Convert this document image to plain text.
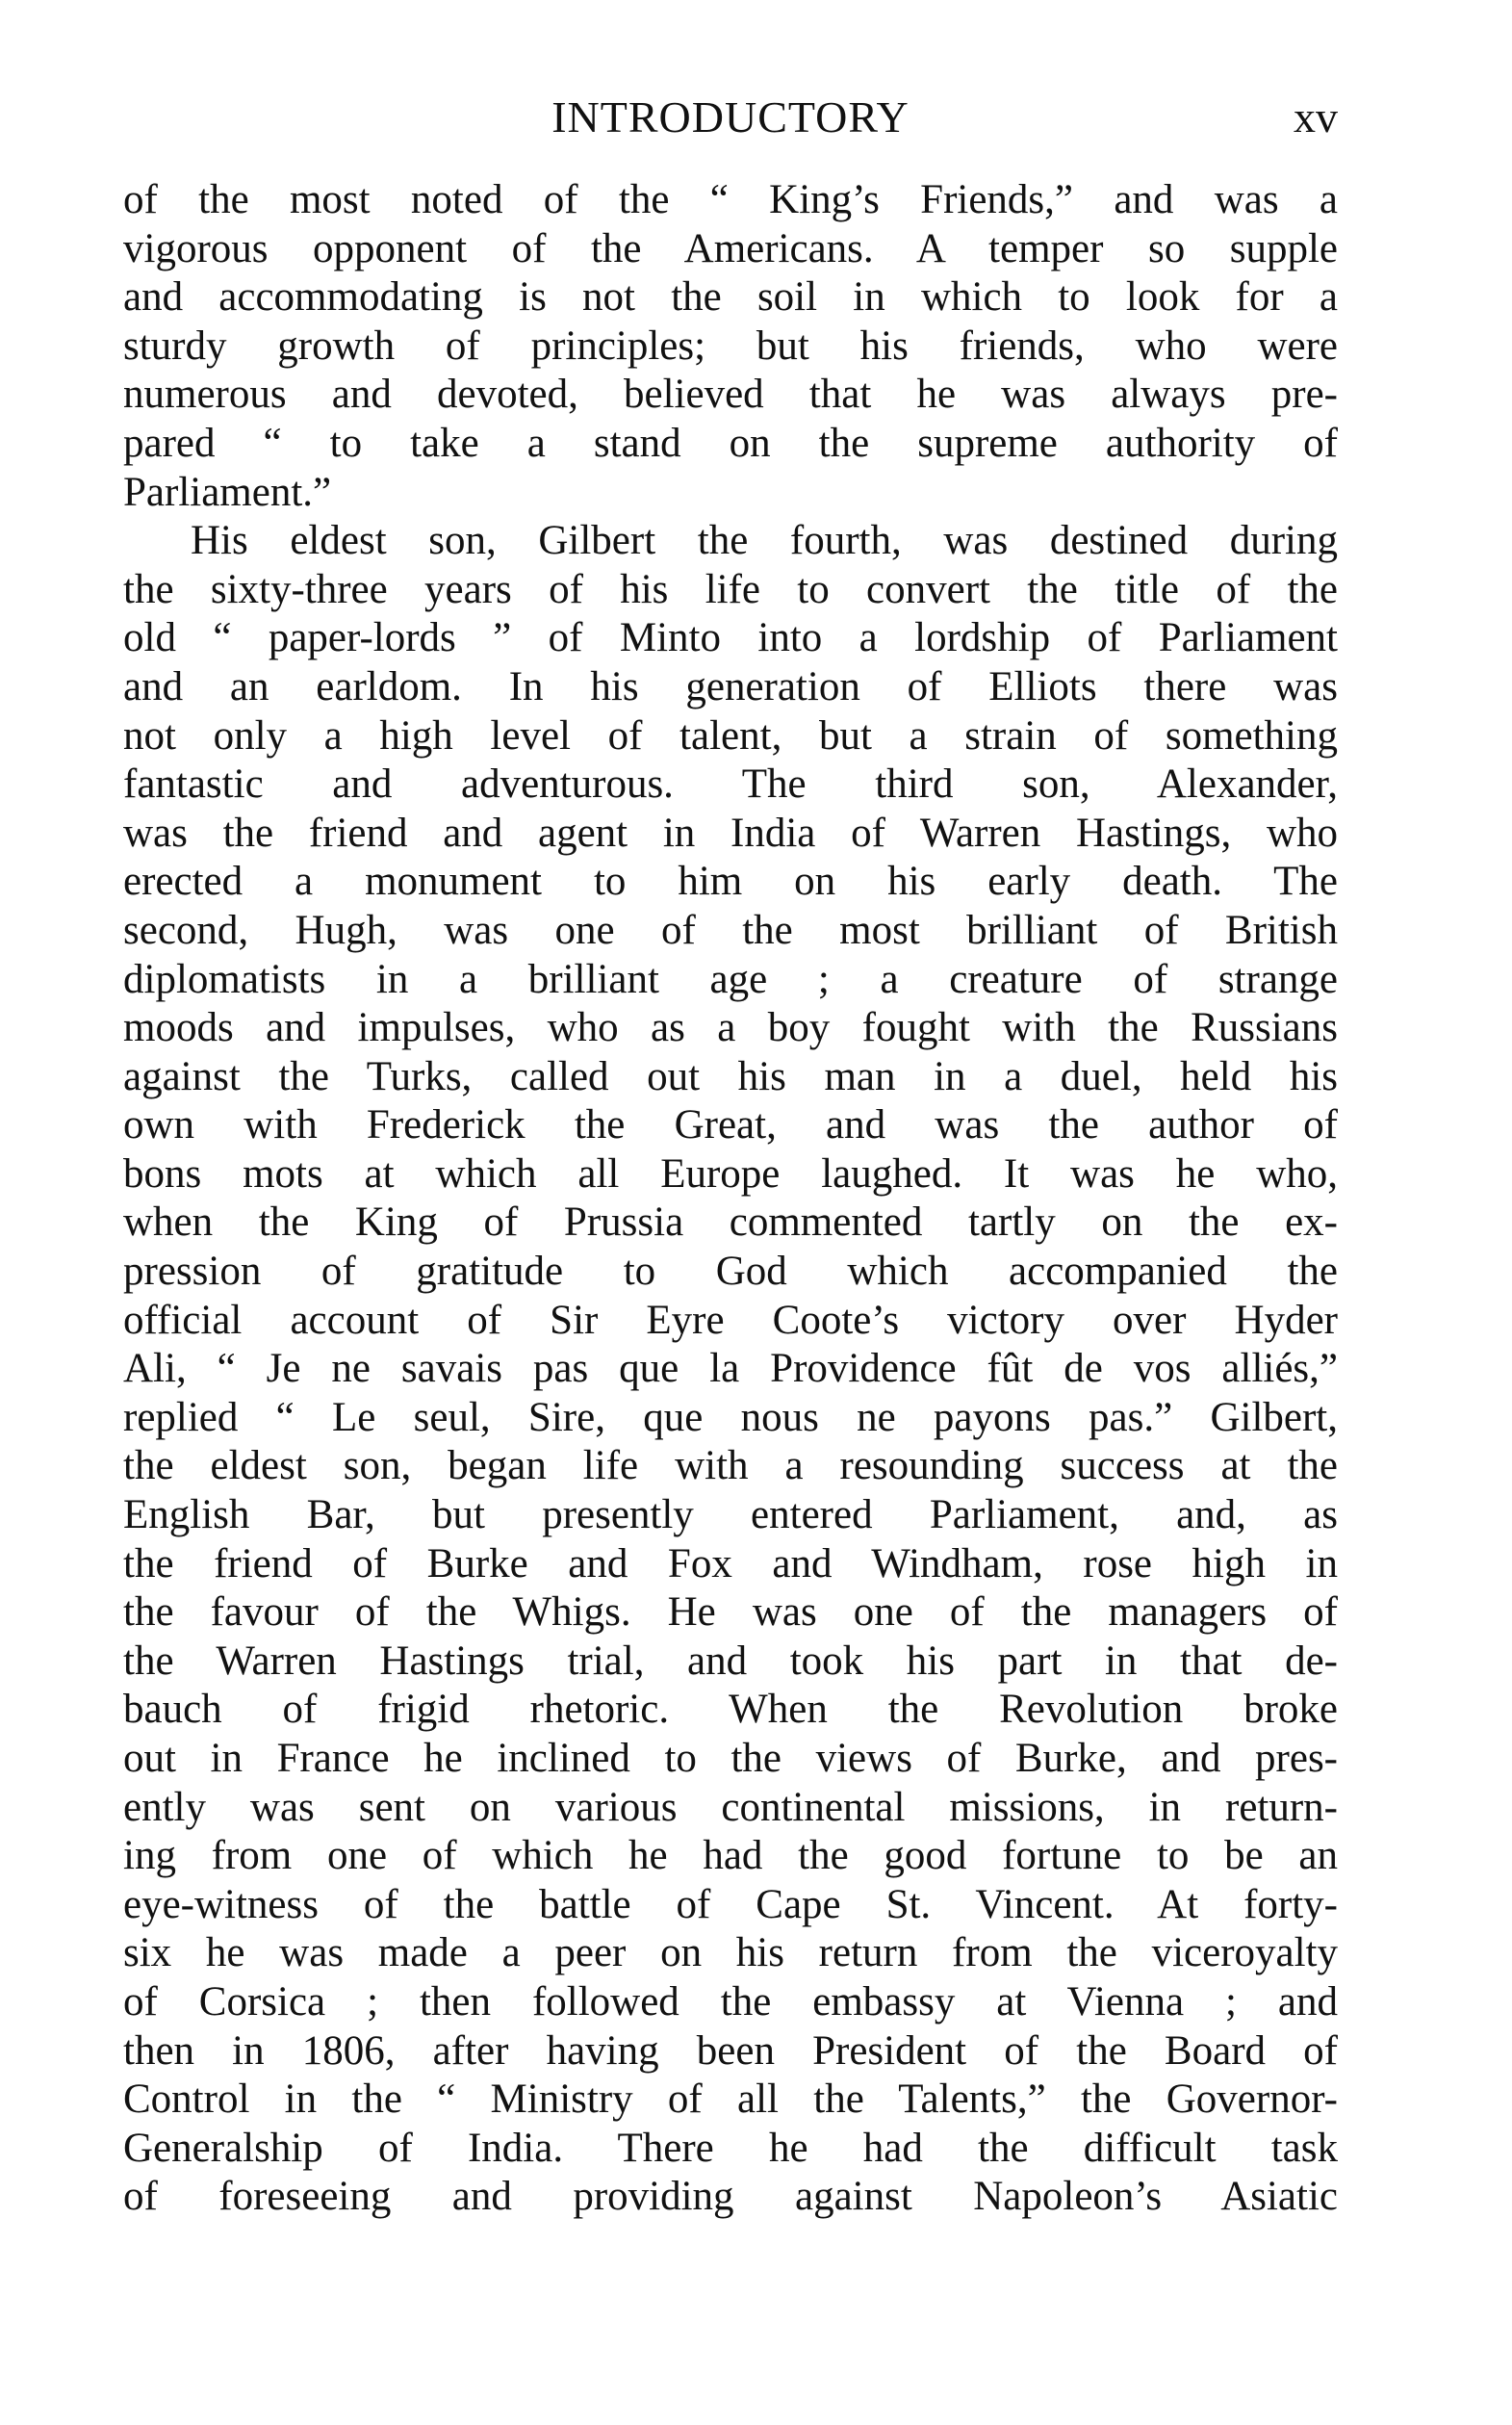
INTRODUCTORY	xv
of the most noted of the “ King’s Friends,” and was a
vigorous opponent of the Americans. A temper so supple
and accommodating is not the soil in which to look for a
sturdy growth of principles; but his friends, who were
numerous and devoted, believed that he was always pre-
pared “ to take a stand on the supreme authority of
Parliament.”
His eldest son, Gilbert the fourth, was destined during
the sixty-three years of his life to convert the title of the
old “ paper-lords ” of Minto into a lordship of Parliament
and an earldom. In his generation of Elliots there was
not only a high level of talent, but a strain of something
fantastic and adventurous. The third son, Alexander,
was the friend and agent in India of Warren Hastings, who
erected a monument to him on his early death. The
second, Hugh, was one of the most brilliant of British
diplomatists in a brilliant age ; a creature of strange
moods and impulses, who as a boy fought with the Russians
against the Turks, called out his man in a duel, held his
own with Frederick the Great, and was the author of
bons mots at which all Europe laughed. It was he who,
when the King of Prussia commented tartly on the ex-
pression of gratitude to God which accompanied the
official account of Sir Eyre Coote’s victory over Hyder
Ali, “ Je ne savais pas que la Providence fût de vos alliés,”
replied “ Le seul, Sire, que nous ne payons pas.” Gilbert,
the eldest son, began life with a resounding success at the
English Bar, but presently entered Parliament, and, as
the friend of Burke and Fox and Windham, rose high in
the favour of the Whigs. He was one of the managers of
the Warren Hastings trial, and took his part in that de-
bauch of frigid rhetoric. When the Revolution broke
out in France he inclined to the views of Burke, and pres-
ently was sent on various continental missions, in return-
ing from one of which he had the good fortune to be an
eye-witness of the battle of Cape St. Vincent. At forty-
six he was made a peer on his return from the viceroyalty
of Corsica ; then followed the embassy at Vienna ; and
then in 1806, after having been President of the Board of
Control in the “ Ministry of all the Talents,” the Governor-
Generalship of India. There he had the difficult task
of foreseeing and providing against Napoleon’s Asiatic
